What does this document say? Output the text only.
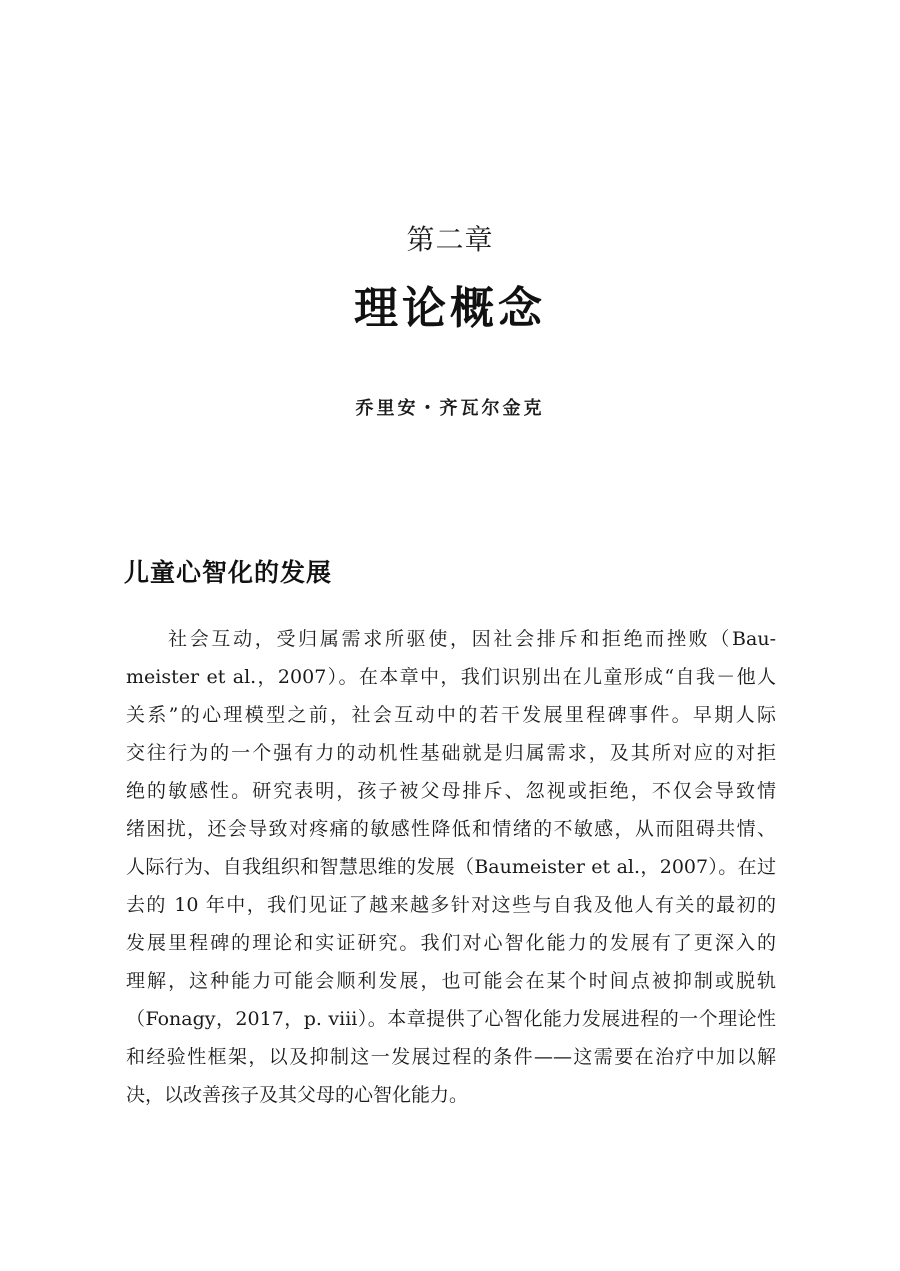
第二章
理论概念
乔里安・齐瓦尔金克
儿童心智化的发展
社会互动，受归属需求所驱使，因社会排斥和拒绝而挫败（Bau-
meister et al.，2007）。在本章中，我们识别出在儿童形成“自我－他人
关系”的心理模型之前，社会互动中的若干发展里程碑事件。早期人际
交往行为的一个强有力的动机性基础就是归属需求，及其所对应的对拒
绝的敏感性。研究表明，孩子被父母排斥、忽视或拒绝，不仅会导致情
绪困扰，还会导致对疼痛的敏感性降低和情绪的不敏感，从而阻碍共情、
人际行为、自我组织和智慧思维的发展（Baumeister et al.，2007）。在过
去的 10 年中，我们见证了越来越多针对这些与自我及他人有关的最初的
发展里程碑的理论和实证研究。我们对心智化能力的发展有了更深入的
理解，这种能力可能会顺利发展，也可能会在某个时间点被抑制或脱轨
（Fonagy，2017，p. viii）。本章提供了心智化能力发展进程的一个理论性
和经验性框架，以及抑制这一发展过程的条件——这需要在治疗中加以解
决，以改善孩子及其父母的心智化能力。
